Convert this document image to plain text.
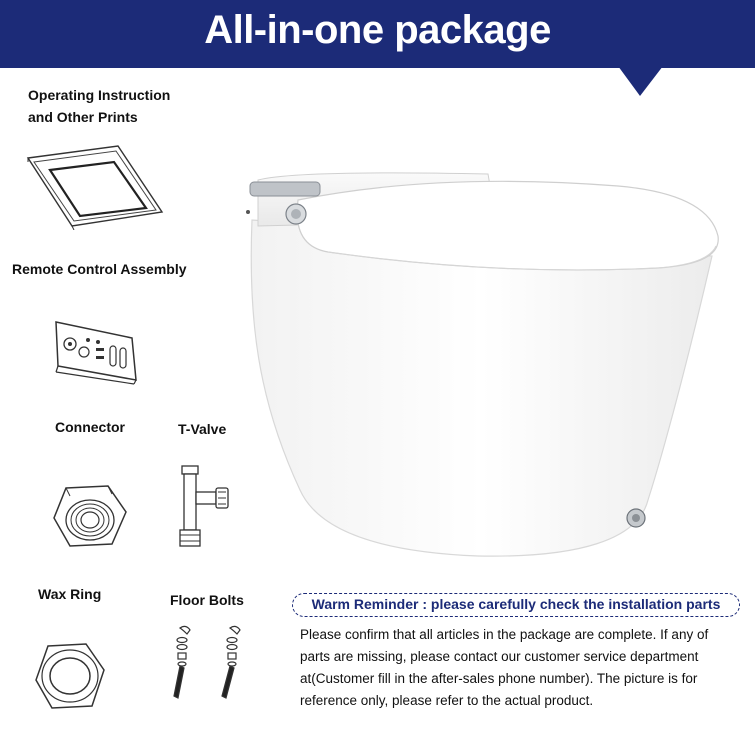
All-in-one package
Operating Instruction
and Other Prints
Remote Control Assembly
Connector	T-Valve
Wax Ring	Floor Bolts	Warm Reminder : please carefully check the installation parts
Please confirm that all articles in the package are complete. If any of
parts are missing, please contact our customer service department
at(Customer fill in the after-sales phone number). The picture is for
reference only, please refer to the actual product.
